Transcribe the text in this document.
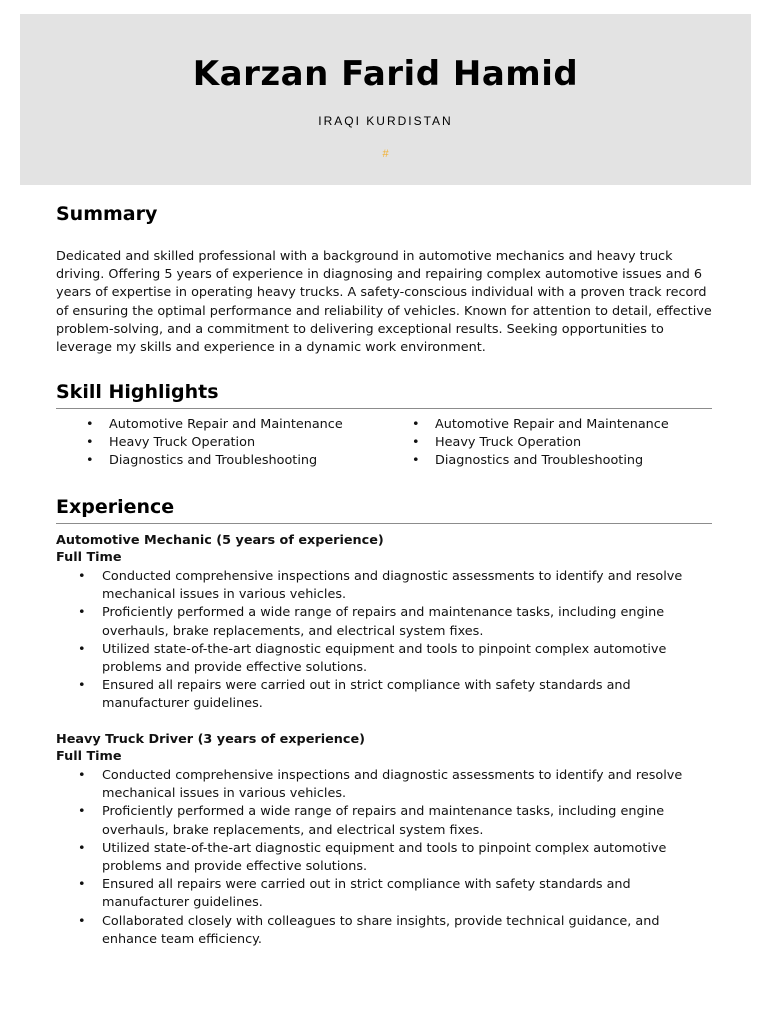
Karzan Farid Hamid
IRAQI KURDISTAN
#
Summary

Dedicated and skilled professional with a background in automotive mechanics and heavy truck driving. Offering 5 years of experience in diagnosing and repairing complex automotive issues and 6 years of expertise in operating heavy trucks. A safety-conscious individual with a proven track record of ensuring the optimal performance and reliability of vehicles. Known for attention to detail, effective problem-solving, and a commitment to delivering exceptional results. Seeking opportunities to leverage my skills and experience in a dynamic work environment.

Skill Highlights
• Automotive Repair and Maintenance
• Heavy Truck Operation
• Diagnostics and Troubleshooting
• Automotive Repair and Maintenance
• Heavy Truck Operation
• Diagnostics and Troubleshooting
Experience
Automotive Mechanic (5 years of experience)
Full Time
• Conducted comprehensive inspections and diagnostic assessments to identify and resolve mechanical issues in various vehicles.
• Proficiently performed a wide range of repairs and maintenance tasks, including engine overhauls, brake replacements, and electrical system fixes.
• Utilized state-of-the-art diagnostic equipment and tools to pinpoint complex automotive problems and provide effective solutions.
• Ensured all repairs were carried out in strict compliance with safety standards and manufacturer guidelines.
Heavy Truck Driver (3 years of experience)
Full Time
• Conducted comprehensive inspections and diagnostic assessments to identify and resolve mechanical issues in various vehicles.
• Proficiently performed a wide range of repairs and maintenance tasks, including engine overhauls, brake replacements, and electrical system fixes.
• Utilized state-of-the-art diagnostic equipment and tools to pinpoint complex automotive problems and provide effective solutions.
• Ensured all repairs were carried out in strict compliance with safety standards and manufacturer guidelines.
• Collaborated closely with colleagues to share insights, provide technical guidance, and enhance team efficiency.
